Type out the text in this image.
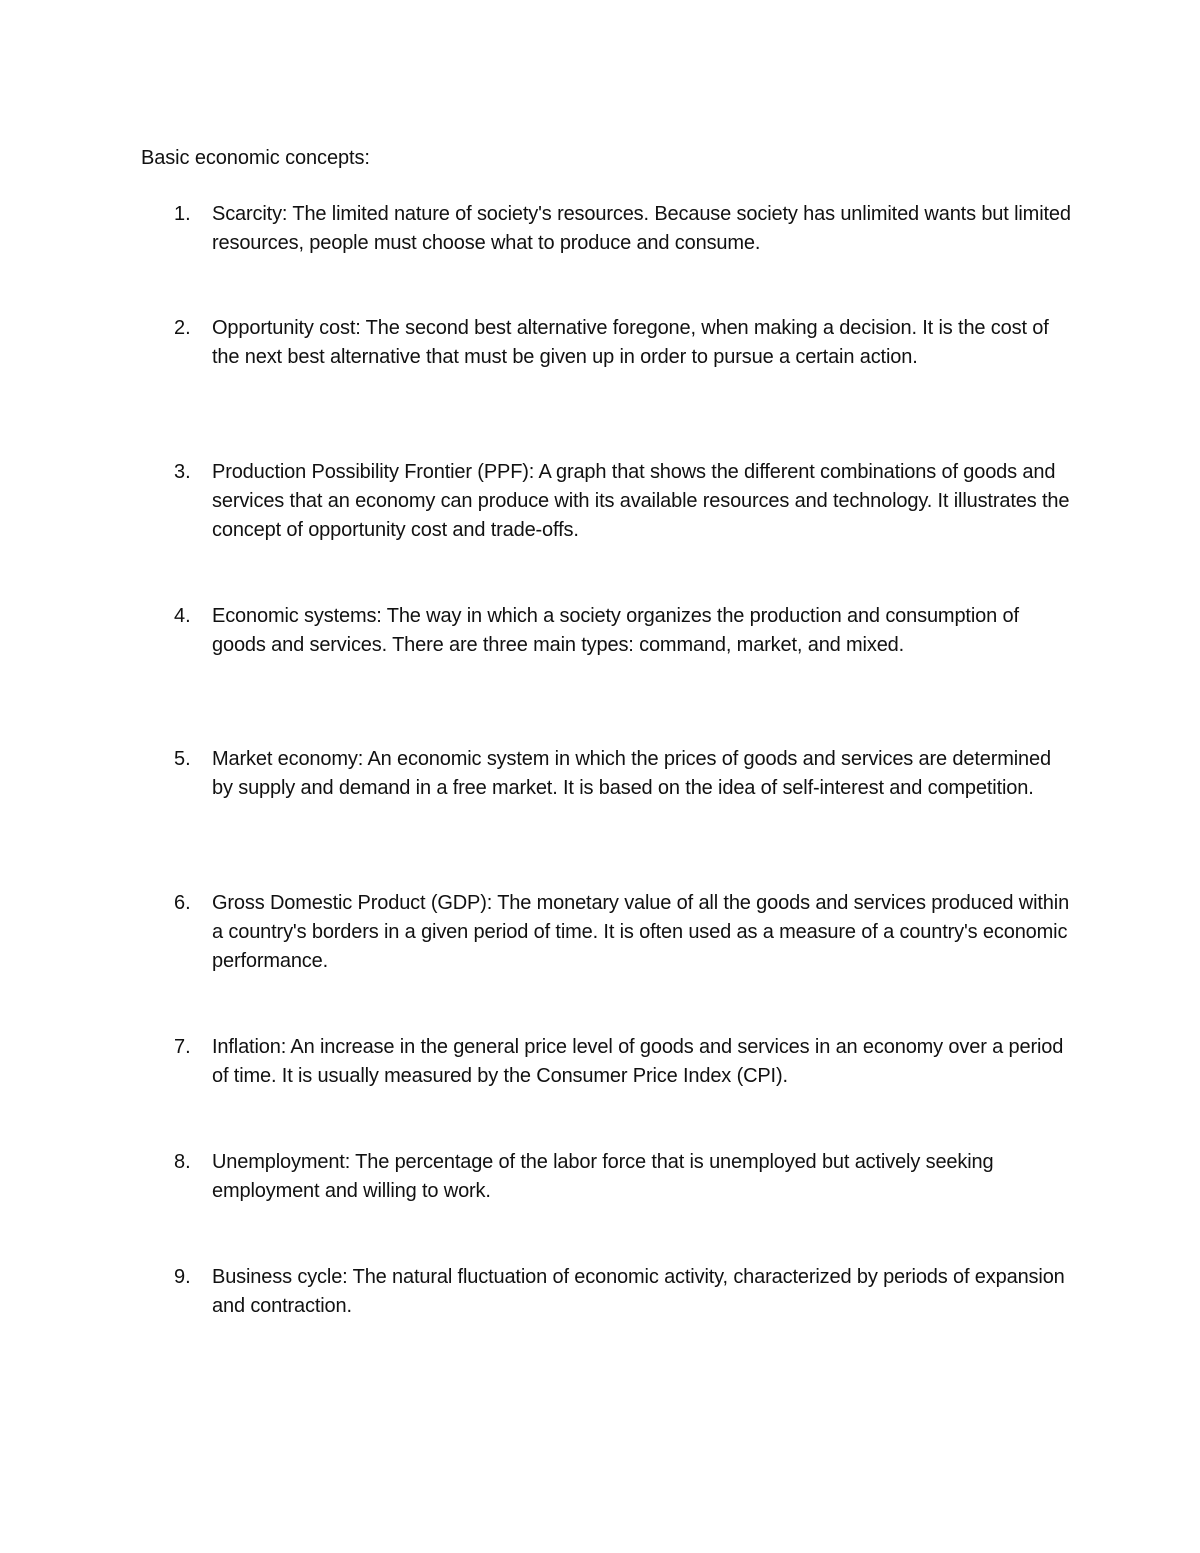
Basic economic concepts:
1.	Scarcity: The limited nature of society's resources. Because society has unlimited wants but limited resources, people must choose what to produce and consume.

2.	Opportunity cost: The second best alternative foregone, when making a decision. It is the cost of the next best alternative that must be given up in order to pursue a certain action.

3.	Production Possibility Frontier (PPF): A graph that shows the different combinations of goods and services that an economy can produce with its available resources and technology. It illustrates the concept of opportunity cost and trade-offs.

4.	Economic systems: The way in which a society organizes the production and consumption of goods and services. There are three main types: command, market, and mixed.

5.	Market economy: An economic system in which the prices of goods and services are determined by supply and demand in a free market. It is based on the idea of self-interest and competition.

6.	Gross Domestic Product (GDP): The monetary value of all the goods and services produced within a country's borders in a given period of time. It is often used as a measure of a country's economic performance.

7.	Inflation: An increase in the general price level of goods and services in an economy over a period of time. It is usually measured by the Consumer Price Index (CPI).

8.	Unemployment: The percentage of the labor force that is unemployed but actively seeking employment and willing to work.

9.	Business cycle: The natural fluctuation of economic activity, characterized by periods of expansion and contraction.
